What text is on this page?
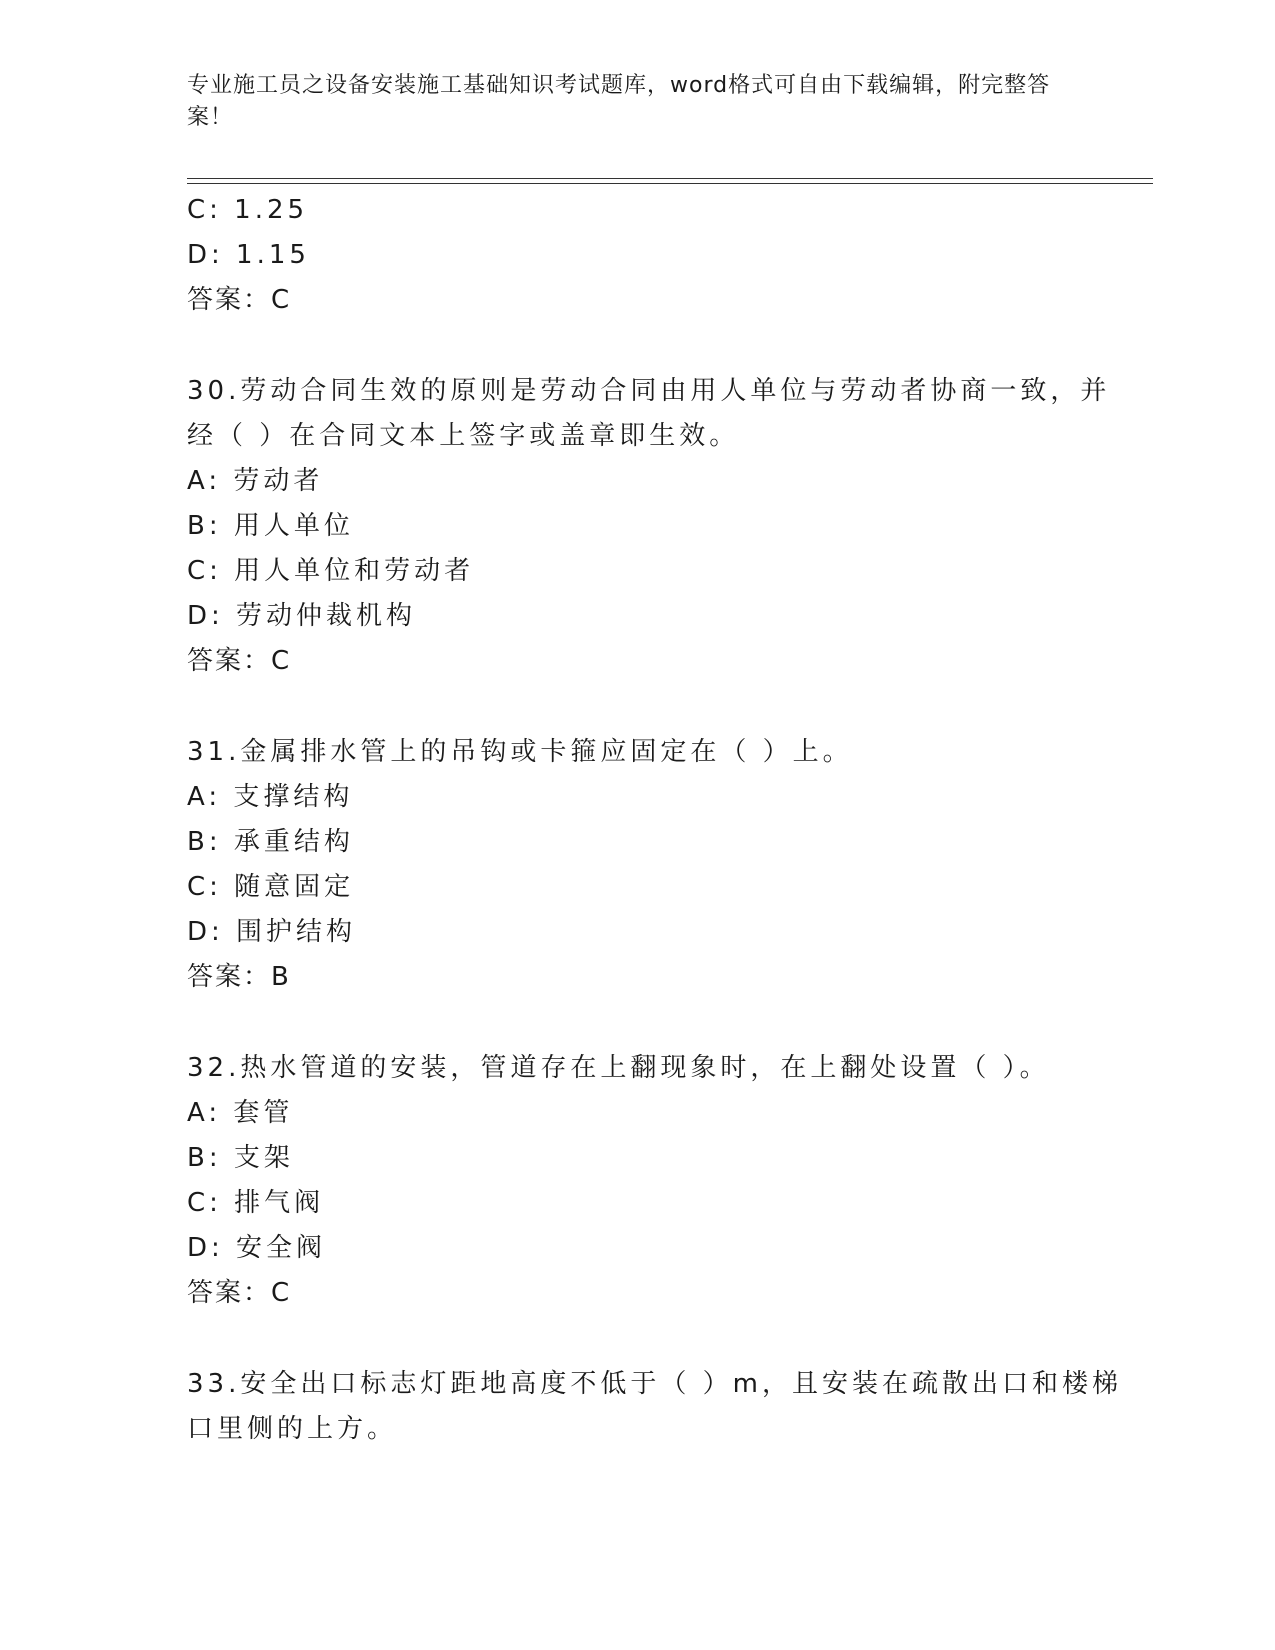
专业施工员之设备安装施工基础知识考试题库，word格式可自由下载编辑，附完整答案！
C: 1.25
D: 1.15
答案：C
30.劳动合同生效的原则是劳动合同由用人单位与劳动者协商一致，并
经（ ）在合同文本上签字或盖章即生效。
A: 劳动者
B: 用人单位
C: 用人单位和劳动者
D: 劳动仲裁机构
答案：C
31.金属排水管上的吊钩或卡箍应固定在（ ）上。
A: 支撑结构
B: 承重结构
C: 随意固定
D: 围护结构
答案：B
32.热水管道的安装，管道存在上翻现象时，在上翻处设置（ ）。
A: 套管
B: 支架
C: 排气阀
D: 安全阀
答案：C
33.安全出口标志灯距地高度不低于（ ）m，且安装在疏散出口和楼梯
口里侧的上方。
